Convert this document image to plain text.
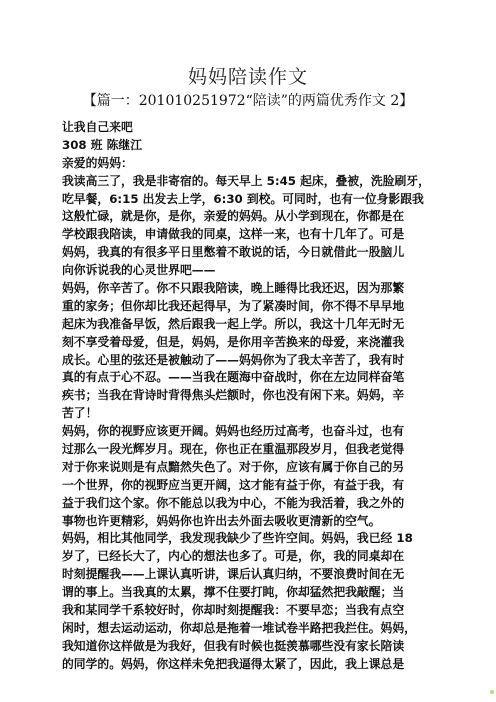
妈妈陪读作文
【篇一：201010251972“陪读”的两篇优秀作文 2】
让我自己来吧
308 班 陈继江
亲爱的妈妈：
我读高三了，我是非寄宿的。每天早上 5:45 起床，叠被，洗脸刷牙，
吃早餐，6:15 出发去上学，6:30 到校。可同时，也有一位身影跟我
这般忙碌，就是你，是你，亲爱的妈妈。从小学到现在，你都是在
学校跟我陪读，申请做我的同桌，这样一来，也有十几年了。可是
妈妈，我真的有很多平日里憋着不敢说的话，今日就借此一股脑儿
向你诉说我的心灵世界吧——
妈妈，你辛苦了。你不只跟我陪读，晚上睡得比我还迟，因为那繁
重的家务；但你却比我还起得早，为了紧凑时间，你不得不早早地
起床为我准备早饭，然后跟我一起上学。所以，我这十几年无时无
刻不享受着母爱，但是，妈妈，是你用辛苦换来的母爱，来浇灌我
成长。心里的弦还是被触动了——妈妈你为了我太辛苦了，我有时
真的有点于心不忍。——当我在题海中奋战时，你在左边同样奋笔
疾书；当我在背诗时背得焦头烂额时，你也没有闲下来。妈妈，辛
苦了！
妈妈，你的视野应该更开阔。妈妈也经历过高考，也奋斗过，也有
过那么一段光辉岁月。现在，你也正在重温那段岁月，但我老觉得
对于你来说则是有点黯然失色了。对于你，应该有属于你自己的另
一个世界，你的视野应当更开阔，这才能有益于你，有益于我，有
益于我们这个家。你不能总以我为中心，不能为我活着，我之外的
事物也许更精彩，妈妈你也许出去外面去吸收更清新的空气。
妈妈，相比其他同学，我发现我缺少了些许空间。妈妈，我已经 18
岁了，已经长大了，内心的想法也多了。可是，你，我的同桌却在
时刻提醒我——上课认真听讲，课后认真归纳，不要浪费时间在无
谓的事上。当我真的太累，撑不住要打盹，你却猛然把我敲醒；当
我和某同学千系较好时，你却时刻提醒我：不要早恋；当我有点空
闲时，想去运动运动，你却总是拖着一堆试卷半路把我拦住。妈妈，
我知道你这样做是为我好，但我有时候也挺羡慕哪些没有家长陪读
的同学的。妈妈，你这样未免把我逼得太紧了，因此，我上课总是
